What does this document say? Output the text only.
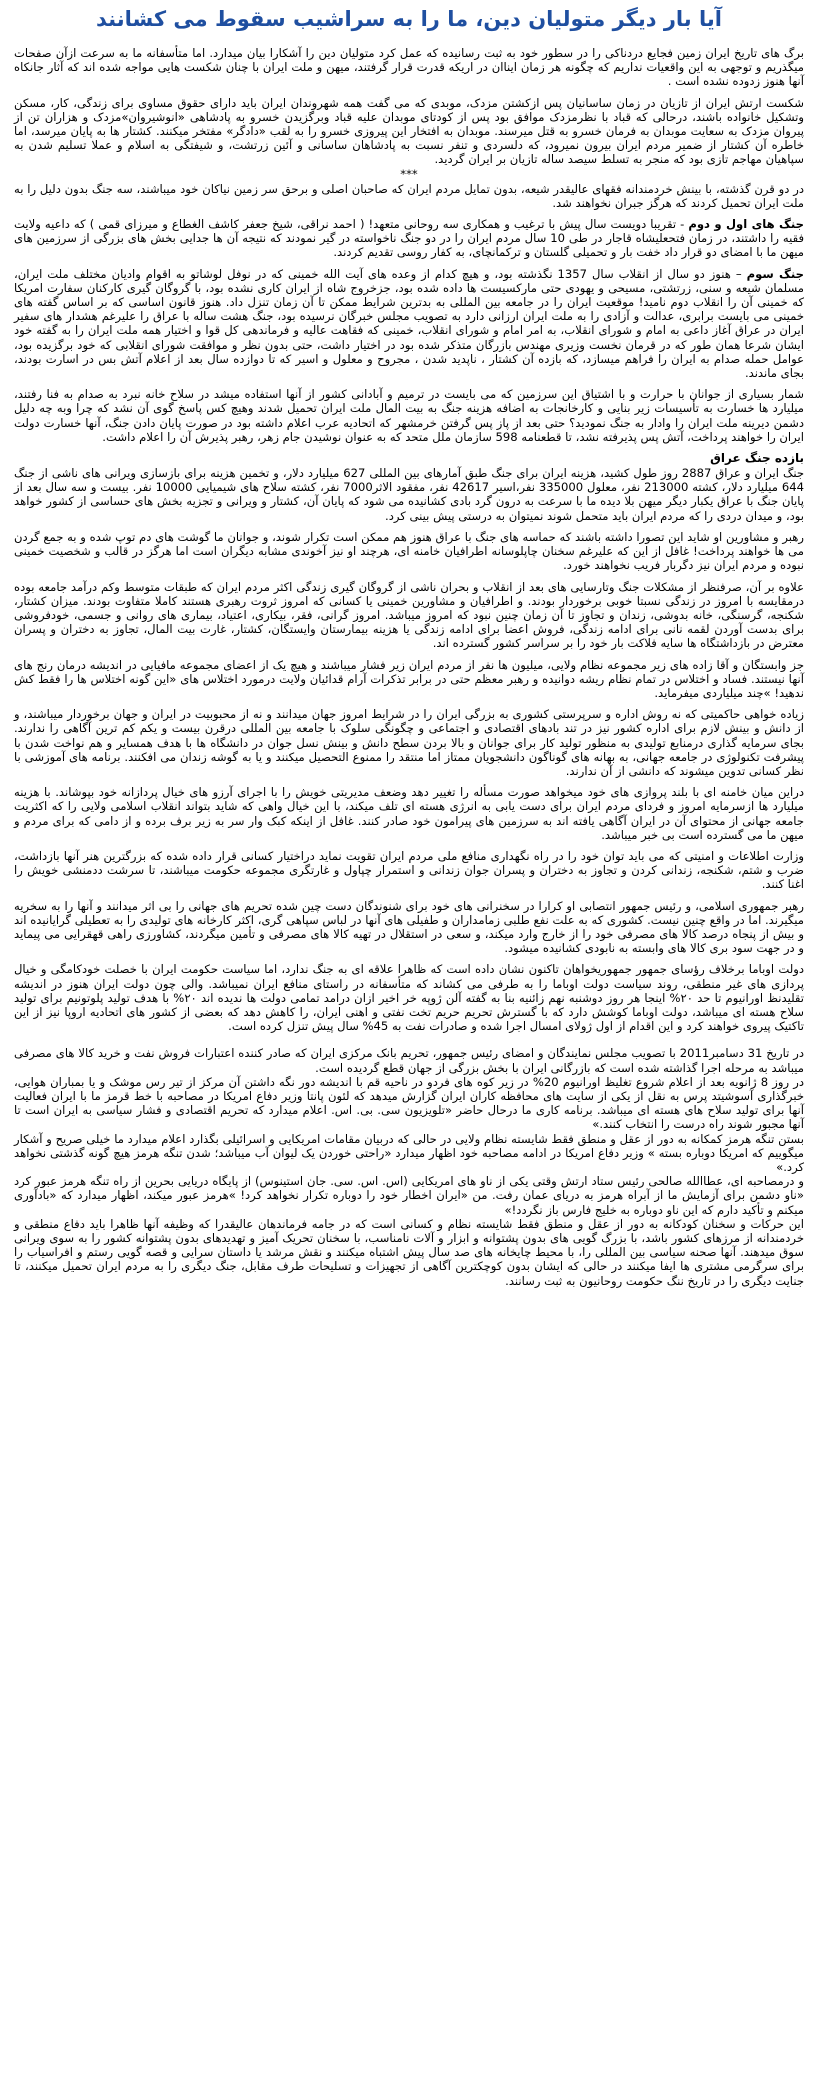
آیا بار دیگر متولیان دین، ما را به سراشیب سقوط می کشانند

برگ های تاریخ ایران زمین فجایع دردناکی را در سطور خود به ثبت رسانیده که عمل کرد متولیان دین را آشکارا بیان میدارد. اما متأسفانه ما به سرعت ازآن صفحات میگذریم و توجهی به این واقعیات نداریم که چگونه هر زمان ایناان در اریکه قدرت قرار گرفتند، میهن و ملت ایران با چنان شکست هایی مواجه شده اند که آثار جانکاه آنها هنوز زدوده نشده است .

شکست ارتش ایران از تازیان در زمان ساسانیان پس ازکشتن مزدک، موبدی که می گفت همه شهروندان ایران باید دارای حقوق مساوی برای زندگی، کار، مسکن وتشکیل خانواده باشند، درحالی که قباد با نظرمزدک موافق بود پس از کودتای موبدان علیه قباد وبرگزیدن خسرو به پادشاهی «انوشیروان»مزدک و هزاران تن از پیروان مزدک به سعایت موبدان به فرمان خسرو به قتل میرسند. موبدان به افتخار این پیروزی خسرو را به لقب «دادگر» مفتخر میکنند. کشتار ها به پایان میرسد، اما خاطره آن کشتار از ضمیر مردم ایران بیرون نمیرود، که دلسردی و تنفر نسبت به پادشاهان ساسانی و آئین زرتشت، و شیفتگی به اسلام و عملا تسلیم شدن به سپاهیان مهاجم تازی بود که منجر به تسلط سیصد ساله تازیان بر ایران گردید.

***

در دو قرن گذشته، با بینش خردمندانه فقهای عالیقدر شیعه، بدون تمایل مردم ایران که صاحبان اصلی و برحق سر زمین نیاکان خود میباشند، سه جنگ بدون دلیل را به ملت ایران تحمیل کردند که هرگز جبران نخواهند شد.

جنگ های اول و دوم - تقریبا دویست سال پیش با ترغیب و همکاری سه روحانی متعهد! ( احمد نراقی، شیخ جعفر کاشف الغطاع و میرزای قمی ) که داعیه ولایت فقیه را داشتند، در زمان فتحعلیشاه قاجار در طی 10 سال مردم ایران را در دو جنگ ناخواسته در گیر نمودند که نتیجه آن ها جدایی بخش های بزرگی از سرزمین های میهن ما با امضای دو قرار داد خفت بار و تحمیلی گلستان و ترکمانچای، به کفار روسی تقدیم کردند.

جنگ سوم – هنوز دو سال از انقلاب سال 1357 نگذشته بود، و هیچ کدام از وعده های آیت الله خمینی که در نوفل لوشاتو به اقوام وادیان مختلف ملت ایران، مسلمان شیعه و سنی، زرتشتی، مسیحی و یهودی حتی مارکسیست ها داده شده بود، جزخروج شاه از ایران کاری نشده بود، با گروگان گیری کارکنان سفارت امریکا که خمینی آن را انقلاب دوم نامید! موقعیت ایران را در جامعه بین المللی به بدترین شرایط ممکن تا آن زمان تنزل داد. هنوز قانون اساسی که بر اساس گفته های خمینی می بایست برابری، عدالت و آزادی را به ملت ایران ارزانی دارد به تصویب مجلس خبرگان نرسیده بود، جنگ هشت ساله با عراق را علیرغم هشدار های سفیر ایران در عراق آغاز داعی به امام و شورای انقلاب، به امر امام و شورای انقلاب، خمینی که فقاهت عالیه و فرماندهی کل قوا و اختیار همه ملت ایران را به گفته خود ایشان شرعا همان طور که در قرمان نخست وزیری مهندس بازرگان متذکر شده بود در اختیار داشت، حتی بدون نظر و موافقت شورای انقلابی که خود برگزیده بود، عوامل حمله صدام به ایران را فراهم میسازد، که بازده آن کشتار ، ناپدید شدن ، مجروح و معلول و اسیر که تا دوازده سال بعد از اعلام آتش بس در اسارت بودند، بجای ماندند.

شمار بسیاری از جوانان با حرارت و با اشتیاق این سرزمین که می بایست در ترمیم و آبادانی کشور از آنها استفاده میشد در سلاح خانه نبرد به صدام به فنا رفتند، میلیارد ها خسارت به تأسیسات زیر بنایی و کارخانجات به اضافه هزینه جنگ به بیت المال ملت ایران تحمیل شدند وهیچ کس پاسخ گوی آن نشد که چرا وبه چه دلیل دشمن دیرینه ملت ایران را وادار به جنگ نمودید؟ حتی بعد از پاز پس گرفتن خرمشهر که اتحادیه عرب اعلام داشته بود در صورت پایان دادن جنگ، آنها خسارت دولت ایران را خواهند پرداخت، آتش پس پذیرفته نشد، تا قطعنامه 598 سازمان ملل متحد که به عنوان نوشیدن جام زهر، رهبر پذیرش آن را اعلام داشت.

بازده جنگ عراق

جنگ ایران و عراق 2887 روز طول کشید، هزینه ایران برای جنگ طبق آمارهای بین المللی 627 میلیارد دلار، و تخمین هزینه برای بازسازی ویرانی های ناشی از جنگ 644 میلیارد دلار، کشته 213000 نفر، معلول 335000 نفر،اسیر 42617 نفر، مفقود الاثر7000 نفر، کشته سلاح های شیمیایی 10000 نفر. بیست و سه سال بعد از پایان جنگ با عراق یکبار دیگر میهن بلا دیده ما با سرعت به درون گرد بادی کشانیده می شود که پایان آن، کشتار و ویرانی و تجزیه بخش های حساسی از کشور خواهد بود، و میدان دردی را که مردم ایران باید متحمل شوند نمیتوان به درستی پیش بینی کرد.

رهبر و مشاورین او شاید این تصورا داشته باشند که حماسه های جنگ با عراق هنوز هم ممکن است تکرار شوند، و جوانان ما گوشت های دم توپ شده و به جمع گردن می ها خواهند پرداخت! غافل از این که علیرغم سخنان چاپلوسانه اطرافیان خامنه ای، هرچند او نیز آخوندی مشابه دیگران است اما هرگز در قالب و شخصیت خمینی نبوده و مردم ایران نیز دگربار فریب نخواهند خورد.

علاوه بر آن، صرفنظر از مشکلات جنگ وتارسایی های بعد از انقلاب و بحران ناشی از گروگان گیری زندگی اکثر مردم ایران که طبقات متوسط وکم درآمد جامعه بوده درمقایسه با امروز در زندگی نسبتا خوبی برخوردار بودند. و اطرافیان و مشاورین خمینی یا کسانی که امروز ثروت رهبری هستند کاملا متفاوت بودند. میزان کشتار، شکنجه، گرسنگی، خانه بدوشی، زندان و تجاوز تا آن زمان چنین نبود که امروز میباشد. امروز گرانی، فقر، بیکاری، اعتیاد، بیماری های روانی و جسمی، خودفروشی برای بدست آوردن لقمه نانی برای ادامه زندگی، فروش اعضا برای ادامه زندگی یا هزینه بیمارستان وایستگان، کشتار، غارت بیت المال، تجاوز به دختران و پسران معترض در بازداشتگاه ها سایه فلاکت بار خود را بر سراسر کشور گسترده اند.

جز وابستگان و آقا زاده های زیر مجموعه نظام ولایی، میلیون ها نفر از مردم ایران زیر فشار میباشند و هیچ یک از اعضای مجموعه مافیایی در اندیشه درمان رنج های آنها نیستند. فساد و اختلاس در تمام نظام ریشه دوانیده و رهبر معظم حتی در برابر تذکرات آرام قدائیان ولایت درمورد اختلاس های «این گونه اختلاس ها را فقط کش ندهید! »چند میلیاردی میفرماید.

زیاده خواهی حاکمیتی که نه روش اداره و سرپرستی کشوری به بزرگی ایران را در شرایط امروز جهان میدانند و نه از محبوبیت در ایران و جهان برخوردار میباشند، و از دانش و بینش لازم برای اداره کشور نیز در تند بادهای اقتصادی و اجتماعی و چگونگی سلوک با جامعه بین المللی درقرن بیست و یکم کم ترین آگاهی را ندارند. بجای سرمایه گذاری درمنابع تولیدی به منظور تولید کار برای جوانان و بالا بردن سطح دانش و بینش نسل جوان در دانشگاه ها با هدف همسایر و هم نواخت شدن با پیشرفت تکنولوژی در جامعه جهانی، به بهانه های گوناگون دانشجویان ممتاز اما منتقد را ممنوع التحصیل میکنند و یا به گوشه زندان می افکنند. برنامه های آموزشی با نظر کسانی تدوین میشوند که دانشی از آن ندارند.

دراین میان خامنه ای با بلند پروازی های خود میخواهد صورت مسأله را تغییر دهد وضعف مدیریتی خویش را با اجرای آرزو های خیال پردازانه خود بپوشاند. با هزینه میلیارد ها ازسرمایه امروز و فردای مردم ایران برای دست یابی به انرژی هسته ای تلف میکند، با این خیال واهی که شاید بتواند انقلاب اسلامی ولایی را که اکثریت جامعه جهانی از محتوای آن در ایران آگاهی یافته اند به سرزمین های پیرامون خود صادر کنند. غافل از اینکه کبک وار سر به زیر برف برده و از دامی که برای مردم و میهن ما می گسترده است بی خبر میباشد.

وزارت اطلاعات و امنیتی که می باید توان خود را در راه نگهداری منافع ملی مردم ایران تقویت نماید دراختیار کسانی قرار داده شده که بزرگترین هنر آنها بازداشت، ضرب و شتم، شکنجه، زندانی کردن و تجاوز به دختران و پسران جوان زندانی و استمرار چپاول و غارتگری مجموعه حکومت میباشند، تا سرشت ددمنشی خویش را اغنا کنند.

رهبر جمهوری اسلامی، و رئیس جمهور انتصابی او کرارا در سخنرانی های خود برای شنوندگان دست چین شده تحریم های جهانی را بی اثر میدانند و آنها را به سخریه میگیرند. اما در واقع چنین نیست. کشوری که به علت نفع طلبی زمامداران و طفیلی های آنها در لباس سپاهی گری، اکثر کارخانه های تولیدی را به تعطیلی گرایانیده اند و بیش از پنجاه درصد کالا های مصرفی خود را از خارج وارد میکند، و سعی در استقلال در تهیه کالا های مصرفی و تأمین میگردند، کشاورزی راهی قهقرایی می پیماید و در جهت سود بری کالا های وابسته به نابودی کشانیده میشود.

دولت اوباما برخلاف رؤسای جمهور جمهوریخواهان تاکنون نشان داده است که ظاهرا علاقه ای به جنگ ندارد، اما سیاست حکومت ایران با خصلت خودکامگی و خیال پردازی های غیر منطقی، روند سیاست دولت اوباما را به طرفی می کشاند که متأسفانه در راستای منافع ایران نمیباشد. والی چون دولت ایران هنوز در اندیشه تقلیدنظ اورانیوم تا حد ۲۰% اینجا هر روز دوشنبه نهم زائنیه بنا به گفته آلن ژوپه خر اخیر ازان درامد تمامی دولت ها ندیده اند ۲۰% با هدف تولید پلوتونیم برای تولید سلاح هسته ای میباشد، دولت اوباما کوشش دارد که با گسترش تحریم حریم تخت نفتی و اهنی ایران، را کاهش دهد که بعضی از کشور های اتحادیه اروپا نیز از این تاکتیک پیروی خواهند کرد و این اقدام از اول ژولای امسال اجرا شده و صادرات نفت به 45% سال پیش تنزل کرده است.

در تاریخ 31 دسامبر2011 با تصویب مجلس نمایندگان و امضای رئیس جمهور، تحریم بانک مرکزی ایران که صادر کننده اعتبارات فروش نفت و خرید کالا های مصرفی میباشد به مرحله اجرا گذاشته شده است که بازرگانی ایران با بخش بزرگی از جهان قطع گردیده است.

در روز 8 ژانویه بعد از اعلام شروع تغلیظ اورانیوم 20% در زیر کوه های فردو در ناحیه قم با اندیشه دور نگه داشتن آن مرکز از تیر رس موشک و یا بمباران هوایی، خبرگذاری آسوشیتد پرس به نقل از یکی از سایت های محافظه کاران ایران گزارش میدهد که لئون پانتا وزیر دفاع امریکا در مصاحبه با خط قرمز ما با ایران فعالیت آنها برای تولید سلاح های هسته ای میباشد. برنامه کاری ما درحال حاضر «تلویزیون سی. بی. اس. اعلام میدارد که تحریم اقتصادی و فشار سیاسی به ایران است تا آنها مجبور شوند راه درست را انتخاب کنند.»

بستن تنگه هرمز کمکانه به دور از عقل و منطق فقط شایسته نظام ولایی در حالی که دربیان مقامات امریکایی و اسرائیلی بگذارد اعلام میدارد ما خیلی صریح و آشکار میگوییم که امریکا دوباره بسته » وزیر دفاع امریکا در ادامه مصاحبه خود اظهار میدارد «راحتی خوردن یک لیوان آب میباشد؛ شدن تنگه هرمز هیچ گونه گذشتی نخواهد کرد.»

و درمصاحبه ای، عطاالله صالحی رئیس ستاد ارتش وقتی یکی از ناو های امریکایی (اس. اس. سی. جان استینوس) از پایگاه دریایی بحرین از راه تنگه هرمز عبور کرد «ناو دشمن برای آزمایش ما از آبراه هرمز به دریای عمان رفت. من «ایران اخطار خود را دوباره تکرار نخواهد کرد! »هرمز عبور میکند، اظهار میدارد که «بادآوری میکنم و تأکید دارم که این ناو دوباره به خلیج فارس باز نگردد!»

این حرکات و سخنان کودکانه به دور از عقل و منطق فقط شایسته نظام و کسانی است که در جامه فرماندهان عالیقدرا که وظیفه آنها ظاهرا باید دفاع منطقی و خردمندانه از مرزهای کشور باشد، با بزرگ گویی های بدون پشتوانه و ابزار و آلات نامناسب، با سخنان تحریک آمیز و تهدیدهای بدون پشتوانه کشور را به سوی ویرانی سوق میدهند. آنها صحنه سیاسی بین المللی را، با محیط چایخانه های صد سال پیش اشتباه میکنند و نقش مرشد یا داستان سرایی و قصه گویی رستم و افراسیاب را برای سرگرمی مشتری ها ایفا میکنند در حالی که ایشان بدون کوچکترین آگاهی از تجهیزات و تسلیحات طرف مقابل، جنگ دیگری را به مردم ایران تحمیل میکنند، تا جنایت دیگری را در تاریخ ننگ حکومت روحانیون به ثبت رسانند.
